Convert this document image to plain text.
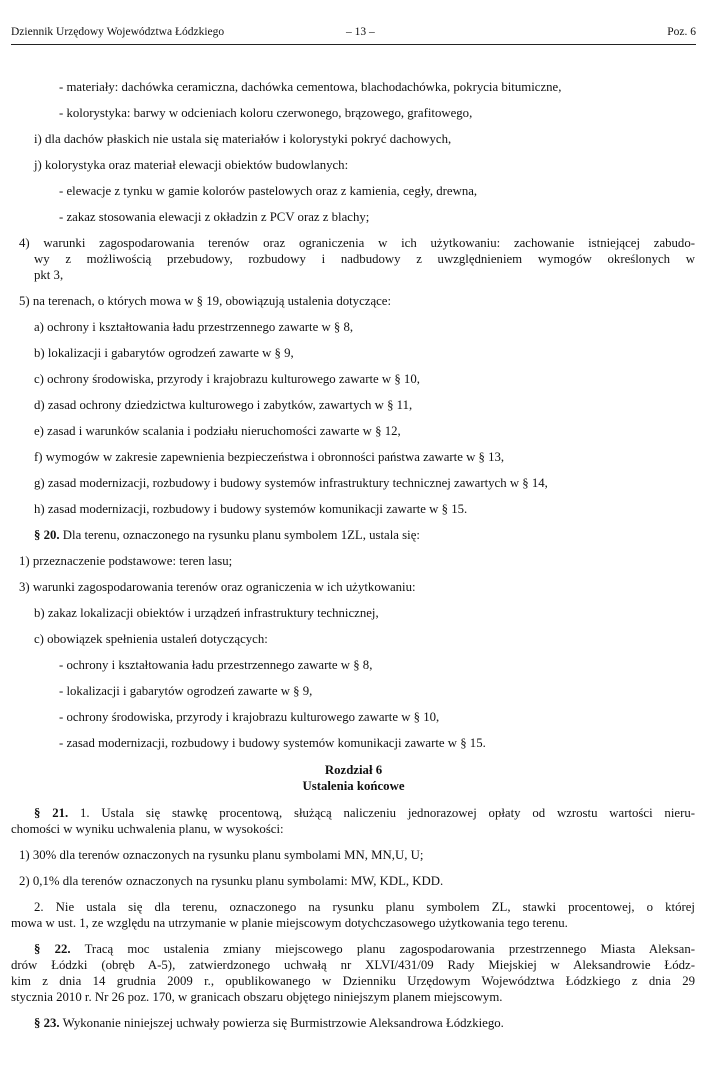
Dziennik Urzędowy Województwa Łódzkiego	– 13 –	Poz. 6
- materiały: dachówka ceramiczna, dachówka cementowa, blachodachówka, pokrycia bitumiczne,
- kolorystyka: barwy w odcieniach koloru czerwonego, brązowego, grafitowego,
i) dla dachów płaskich nie ustala się materiałów i kolorystyki pokryć dachowych,
j) kolorystyka oraz materiał elewacji obiektów budowlanych:
- elewacje z tynku w gamie kolorów pastelowych oraz z kamienia, cegły, drewna,
- zakaz stosowania elewacji z okładzin z PCV oraz z blachy;
4) warunki zagospodarowania terenów oraz ograniczenia w ich użytkowaniu: zachowanie istniejącej zabudo-
wy z możliwością przebudowy, rozbudowy i nadbudowy z uwzględnieniem wymogów określonych w
pkt 3,
5) na terenach, o których mowa w § 19, obowiązują ustalenia dotyczące:
a) ochrony i kształtowania ładu przestrzennego zawarte w § 8,
b) lokalizacji i gabarytów ogrodzeń zawarte w § 9,
c) ochrony środowiska, przyrody i krajobrazu kulturowego zawarte w § 10,
d) zasad ochrony dziedzictwa kulturowego i zabytków, zawartych w § 11,
e) zasad i warunków scalania i podziału nieruchomości zawarte w § 12,
f) wymogów w zakresie zapewnienia bezpieczeństwa i obronności państwa zawarte w § 13,
g) zasad modernizacji, rozbudowy i budowy systemów infrastruktury technicznej zawartych w § 14,
h) zasad modernizacji, rozbudowy i budowy systemów komunikacji zawarte w § 15.
§ 20. Dla terenu, oznaczonego na rysunku planu symbolem 1ZL, ustala się:
1) przeznaczenie podstawowe: teren lasu;
3) warunki zagospodarowania terenów oraz ograniczenia w ich użytkowaniu:
b) zakaz lokalizacji obiektów i urządzeń infrastruktury technicznej,
c) obowiązek spełnienia ustaleń dotyczących:
- ochrony i kształtowania ładu przestrzennego zawarte w § 8,
- lokalizacji i gabarytów ogrodzeń zawarte w § 9,
- ochrony środowiska, przyrody i krajobrazu kulturowego zawarte w § 10,
- zasad modernizacji, rozbudowy i budowy systemów komunikacji zawarte w § 15.
Rozdział 6
Ustalenia końcowe
§ 21. 1. Ustala się stawkę procentową, służącą naliczeniu jednorazowej opłaty od wzrostu wartości nieru-
chomości w wyniku uchwalenia planu, w wysokości:
1) 30% dla terenów oznaczonych na rysunku planu symbolami MN, MN,U, U;
2) 0,1% dla terenów oznaczonych na rysunku planu symbolami: MW, KDL, KDD.
2. Nie ustala się dla terenu, oznaczonego na rysunku planu symbolem ZL, stawki procentowej, o której
mowa w ust. 1, ze względu na utrzymanie w planie miejscowym dotychczasowego użytkowania tego terenu.
§ 22. Tracą moc ustalenia zmiany miejscowego planu zagospodarowania przestrzennego Miasta Aleksan-
drów Łódzki (obręb A-5), zatwierdzonego uchwałą nr XLVI/431/09 Rady Miejskiej w Aleksandrowie Łódz-
kim z dnia 14 grudnia 2009 r., opublikowanego w Dzienniku Urzędowym Województwa Łódzkiego z dnia 29
stycznia 2010 r. Nr 26 poz. 170, w granicach obszaru objętego niniejszym planem miejscowym.
§ 23. Wykonanie niniejszej uchwały powierza się Burmistrzowie Aleksandrowa Łódzkiego.
